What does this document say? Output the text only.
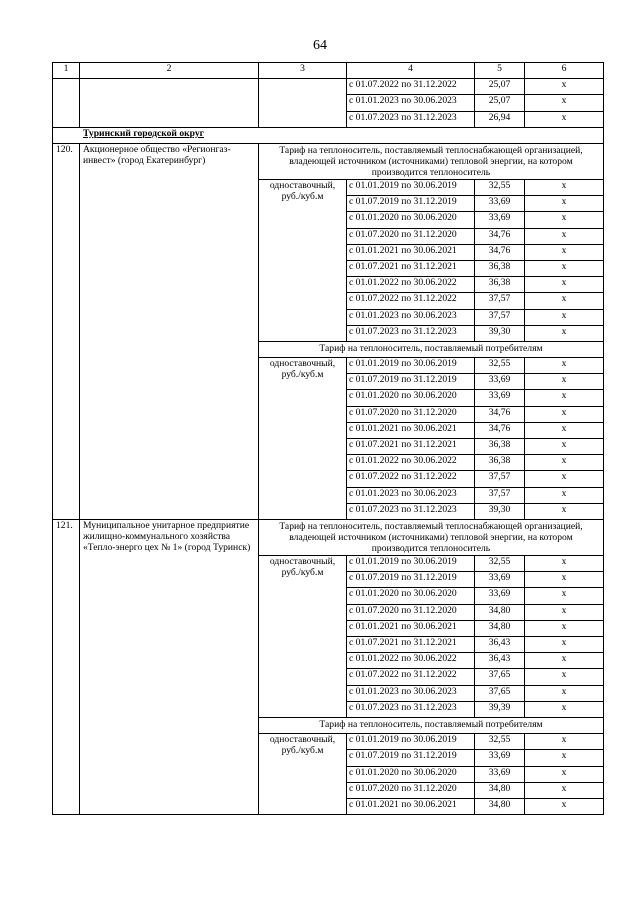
64
1	2	3	4	5	6
			с 01.07.2022 по 31.12.2022	25,07	х
			с 01.01.2023 по 30.06.2023	25,07	х
			с 01.07.2023 по 31.12.2023	26,94	х
Туринский городской округ					
120.	Акционерное общество «Регионгаз-инвест» (город Екатеринбург)	Тариф на теплоноситель, поставляемый теплоснабжающей организацией, владеющей источником (источниками) тепловой энергии, на котором производится теплоноситель			
		одноставочный, руб./куб.м	с 01.01.2019 по 30.06.2019	32,55	х
			с 01.07.2019 по 31.12.2019	33,69	х
			с 01.01.2020 по 30.06.2020	33,69	х
			с 01.07.2020 по 31.12.2020	34,76	х
			с 01.01.2021 по 30.06.2021	34,76	х
			с 01.07.2021 по 31.12.2021	36,38	х
			с 01.01.2022 по 30.06.2022	36,38	х
			с 01.07.2022 по 31.12.2022	37,57	х
			с 01.01.2023 по 30.06.2023	37,57	х
			с 01.07.2023 по 31.12.2023	39,30	х
		Тариф на теплоноситель, поставляемый потребителям			
		одноставочный, руб./куб.м	с 01.01.2019 по 30.06.2019	32,55	х
			с 01.07.2019 по 31.12.2019	33,69	х
			с 01.01.2020 по 30.06.2020	33,69	х
			с 01.07.2020 по 31.12.2020	34,76	х
			с 01.01.2021 по 30.06.2021	34,76	х
			с 01.07.2021 по 31.12.2021	36,38	х
			с 01.01.2022 по 30.06.2022	36,38	х
			с 01.07.2022 по 31.12.2022	37,57	х
			с 01.01.2023 по 30.06.2023	37,57	х
			с 01.07.2023 по 31.12.2023	39,30	х
121.	Муниципальное унитарное предприятие жилищно-коммунального хозяйства «Тепло-энерго цех № 1» (город Туринск)	Тариф на теплоноситель, поставляемый теплоснабжающей организацией, владеющей источником (источниками) тепловой энергии, на котором производится теплоноситель			
		одноставочный, руб./куб.м	с 01.01.2019 по 30.06.2019	32,55	х
			с 01.07.2019 по 31.12.2019	33,69	х
			с 01.01.2020 по 30.06.2020	33,69	х
			с 01.07.2020 по 31.12.2020	34,80	х
			с 01.01.2021 по 30.06.2021	34,80	х
			с 01.07.2021 по 31.12.2021	36,43	х
			с 01.01.2022 по 30.06.2022	36,43	х
			с 01.07.2022 по 31.12.2022	37,65	х
			с 01.01.2023 по 30.06.2023	37,65	х
			с 01.07.2023 по 31.12.2023	39,39	х
		Тариф на теплоноситель, поставляемый потребителям			
		одноставочный, руб./куб.м	с 01.01.2019 по 30.06.2019	32,55	х
			с 01.07.2019 по 31.12.2019	33,69	х
			с 01.01.2020 по 30.06.2020	33,69	х
			с 01.07.2020 по 31.12.2020	34,80	х
			с 01.01.2021 по 30.06.2021	34,80	х
